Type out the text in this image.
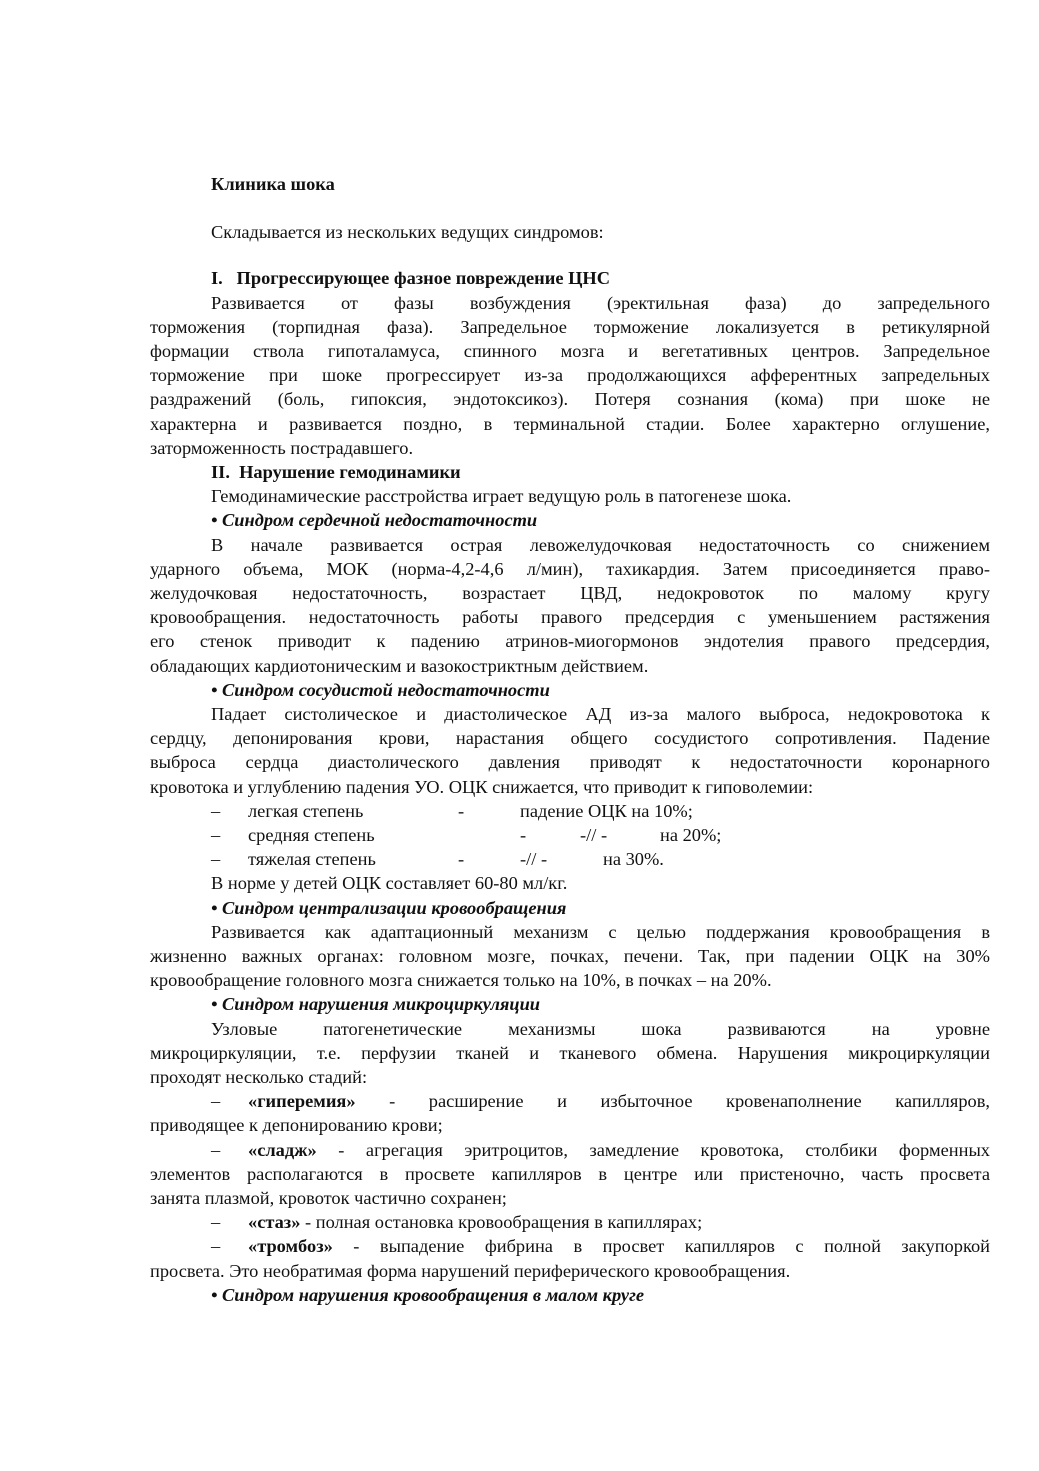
Клиника шока
Складывается из нескольких ведущих синдромов:
I.   Прогрессирующее фазное повреждение ЦНС
Развивается от фазы возбуждения (эректильная фаза) до запредельного
торможения (торпидная фаза). Запредельное торможение локализуется в ретикулярной
формации ствола гипоталамуса, спинного мозга и вегетативных центров. Запредельное
торможение при шоке прогрессирует из-за продолжающихся афферентных запредельных
раздражений (боль, гипоксия, эндотоксикоз). Потеря сознания (кома) при шоке не
характерна и развивается поздно, в терминальной стадии. Более характерно оглушение,
заторможенность пострадавшего.
II.  Нарушение гемодинамики
Гемодинамические расстройства играет ведущую роль в патогенезе шока.
• Синдром сердечной недостаточности
В начале развивается острая левожелудочковая недостаточность со снижением
ударного объема, МОК (норма-4,2-4,6 л/мин), тахикардия. Затем присоединяется право-
желудочковая недостаточность, возрастает ЦВД, недокровоток по малому кругу
кровообращения. недостаточность работы правого предсердия с уменьшением растяжения
его стенок приводит к падению атринов-миогормонов эндотелия правого предсердия,
обладающих кардиотоническим и вазокостриктным действием.
• Синдром сосудистой недостаточности
Падает систолическое и диастолическое АД из-за малого выброса, недокровотока к
сердцу, депонирования крови, нарастания общего сосудистого сопротивления. Падение
выброса сердца диастолического давления приводят к недостаточности коронарного
кровотока и углублению падения УО. ОЦК снижается, что приводит к гиповолемии:
– легкая степень	-	падение ОЦК на 10%;
– средняя степень	-	-// -	на 20%;
– тяжелая степень	-	-// -	на 30%.
В норме у детей ОЦК составляет 60-80 мл/кг.
• Синдром централизации кровообращения
Развивается как адаптационный механизм с целью поддержания кровообращения в
жизненно важных органах: головном мозге, почках, печени. Так, при падении ОЦК на 30%
кровообращение головного мозга снижается только на 10%, в почках – на 20%.
• Синдром нарушения микроциркуляции
Узловые патогенетические механизмы шока развиваются на уровне
микроциркуляции, т.е. перфузии тканей и тканевого обмена. Нарушения микроциркуляции
проходят несколько стадий:
– «гиперемия» - расширение и избыточное кровенаполнение капилляров,
приводящее к депонированию крови;
– «сладж» - агрегация эритроцитов, замедление кровотока, столбики форменных
элементов располагаются в просвете капилляров в центре или пристеночно, часть просвета
занята плазмой, кровоток частично сохранен;
– «стаз» - полная остановка кровообращения в капиллярах;
– «тромбоз» - выпадение фибрина в просвет капилляров с полной закупоркой
просвета. Это необратимая форма нарушений периферического кровообращения.
• Синдром нарушения кровообращения в малом круге
